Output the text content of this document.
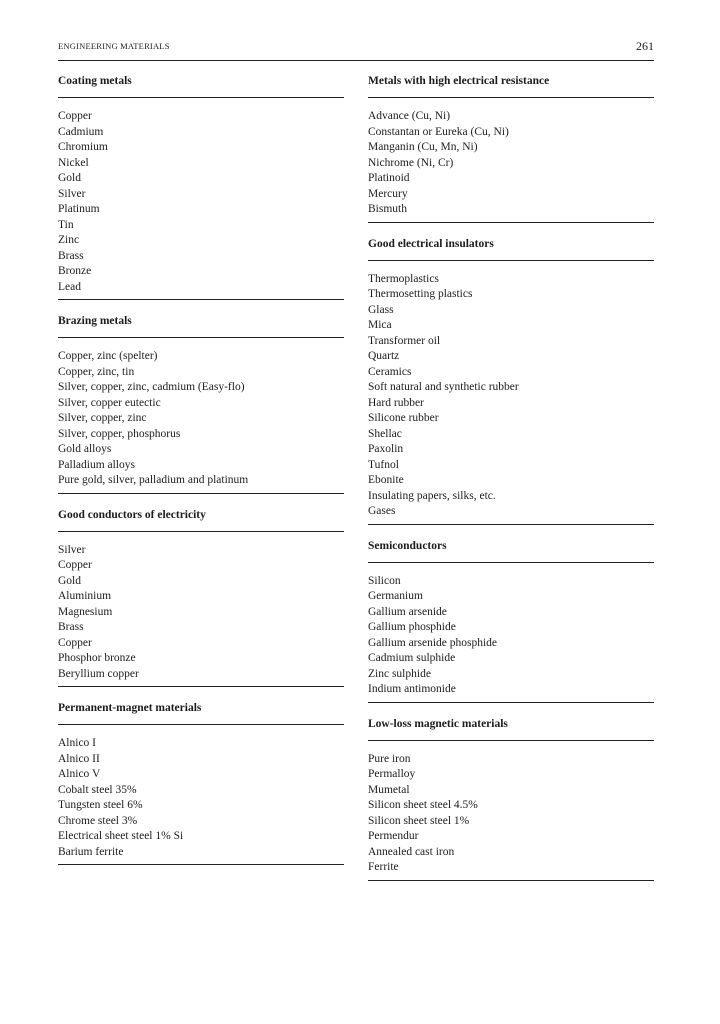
ENGINEERING MATERIALS	261
Coating metals
Copper
Cadmium
Chromium
Nickel
Gold
Silver
Platinum
Tin
Zinc
Brass
Bronze
Lead
Brazing metals
Copper, zinc (spelter)
Copper, zinc, tin
Silver, copper, zinc, cadmium (Easy-flo)
Silver, copper eutectic
Silver, copper, zinc
Silver, copper, phosphorus
Gold alloys
Palladium alloys
Pure gold, silver, palladium and platinum
Good conductors of electricity
Silver
Copper
Gold
Aluminium
Magnesium
Brass
Copper
Phosphor bronze
Beryllium copper
Permanent-magnet materials
Alnico I
Alnico II
Alnico V
Cobalt steel 35%
Tungsten steel 6%
Chrome steel 3%
Electrical sheet steel 1% Si
Barium ferrite
Metals with high electrical resistance
Advance (Cu, Ni)
Constantan or Eureka (Cu, Ni)
Manganin (Cu, Mn, Ni)
Nichrome (Ni, Cr)
Platinoid
Mercury
Bismuth
Good electrical insulators
Thermoplastics
Thermosetting plastics
Glass
Mica
Transformer oil
Quartz
Ceramics
Soft natural and synthetic rubber
Hard rubber
Silicone rubber
Shellac
Paxolin
Tufnol
Ebonite
Insulating papers, silks, etc.
Gases
Semiconductors
Silicon
Germanium
Gallium arsenide
Gallium phosphide
Gallium arsenide phosphide
Cadmium sulphide
Zinc sulphide
Indium antimonide
Low-loss magnetic materials
Pure iron
Permalloy
Mumetal
Silicon sheet steel 4.5%
Silicon sheet steel 1%
Permendur
Annealed cast iron
Ferrite
